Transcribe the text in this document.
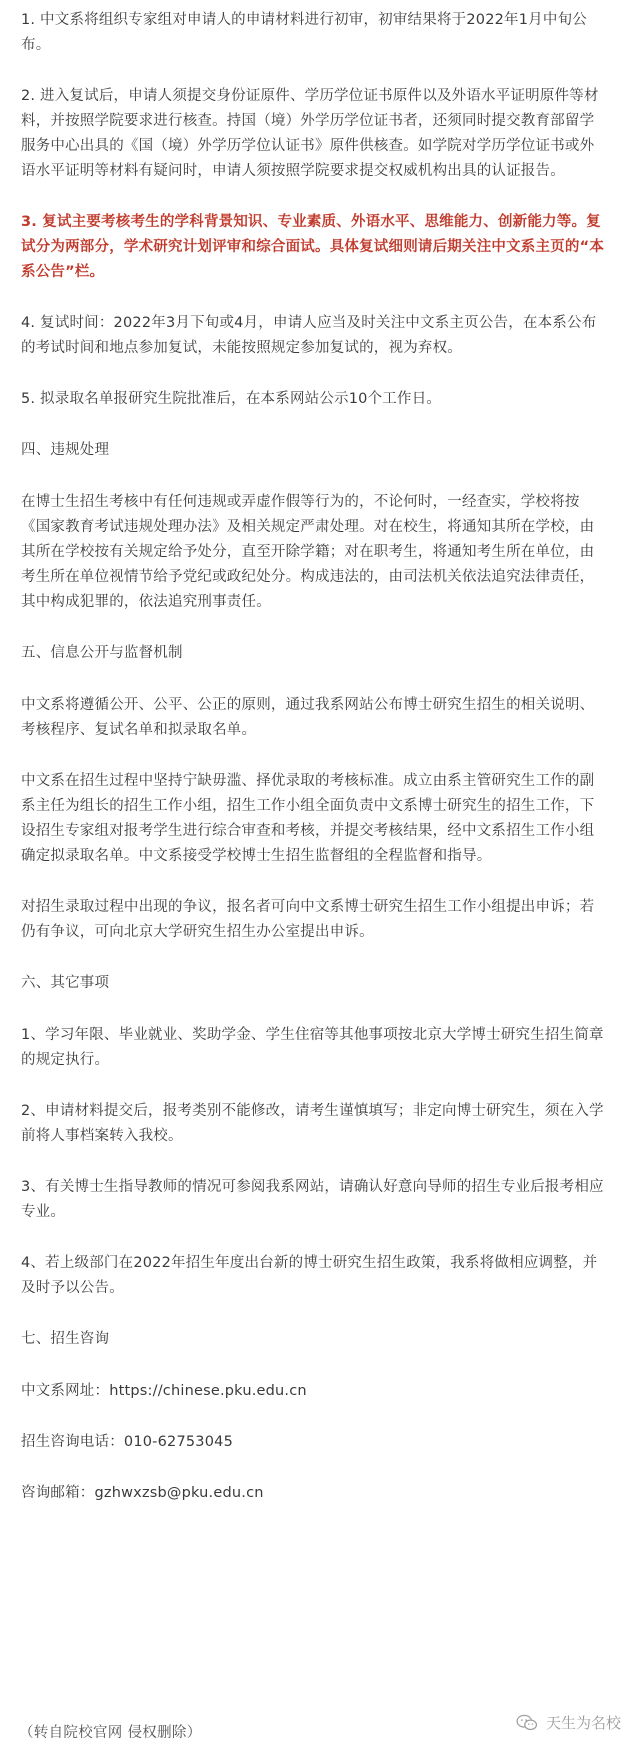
1. 中文系将组织专家组对申请人的申请材料进行初审，初审结果将于2022年1月中旬公布。

2. 进入复试后，申请人须提交身份证原件、学历学位证书原件以及外语水平证明原件等材料，并按照学院要求进行核查。持国（境）外学历学位证书者，还须同时提交教育部留学服务中心出具的《国（境）外学历学位认证书》原件供核查。如学院对学历学位证书或外语水平证明等材料有疑问时，申请人须按照学院要求提交权威机构出具的认证报告。

3. 复试主要考核考生的学科背景知识、专业素质、外语水平、思维能力、创新能力等。复试分为两部分，学术研究计划评审和综合面试。具体复试细则请后期关注中文系主页的“本系公告”栏。

4. 复试时间：2022年3月下旬或4月，申请人应当及时关注中文系主页公告，在本系公布的考试时间和地点参加复试，未能按照规定参加复试的，视为弃权。

5. 拟录取名单报研究生院批准后，在本系网站公示10个工作日。

四、违规处理

在博士生招生考核中有任何违规或弄虚作假等行为的，不论何时，一经查实，学校将按《国家教育考试违规处理办法》及相关规定严肃处理。对在校生，将通知其所在学校，由其所在学校按有关规定给予处分，直至开除学籍；对在职考生，将通知考生所在单位，由考生所在单位视情节给予党纪或政纪处分。构成违法的，由司法机关依法追究法律责任，其中构成犯罪的，依法追究刑事责任。

五、信息公开与监督机制

中文系将遵循公开、公平、公正的原则，通过我系网站公布博士研究生招生的相关说明、考核程序、复试名单和拟录取名单。

中文系在招生过程中坚持宁缺毋滥、择优录取的考核标准。成立由系主管研究生工作的副系主任为组长的招生工作小组，招生工作小组全面负责中文系博士研究生的招生工作，下设招生专家组对报考学生进行综合审查和考核，并提交考核结果，经中文系招生工作小组确定拟录取名单。中文系接受学校博士生招生监督组的全程监督和指导。

对招生录取过程中出现的争议，报名者可向中文系博士研究生招生工作小组提出申诉；若仍有争议，可向北京大学研究生招生办公室提出申诉。

六、其它事项

1、学习年限、毕业就业、奖助学金、学生住宿等其他事项按北京大学博士研究生招生简章的规定执行。

2、申请材料提交后，报考类别不能修改，请考生谨慎填写；非定向博士研究生，须在入学前将人事档案转入我校。

3、有关博士生指导教师的情况可参阅我系网站，请确认好意向导师的招生专业后报考相应专业。

4、若上级部门在2022年招生年度出台新的博士研究生招生政策，我系将做相应调整，并及时予以公告。

七、招生咨询

中文系网址：https://chinese.pku.edu.cn

招生咨询电话：010-62753045

咨询邮箱：gzhwxzsb@pku.edu.cn

（转自院校官网 侵权删除）
天生为名校
